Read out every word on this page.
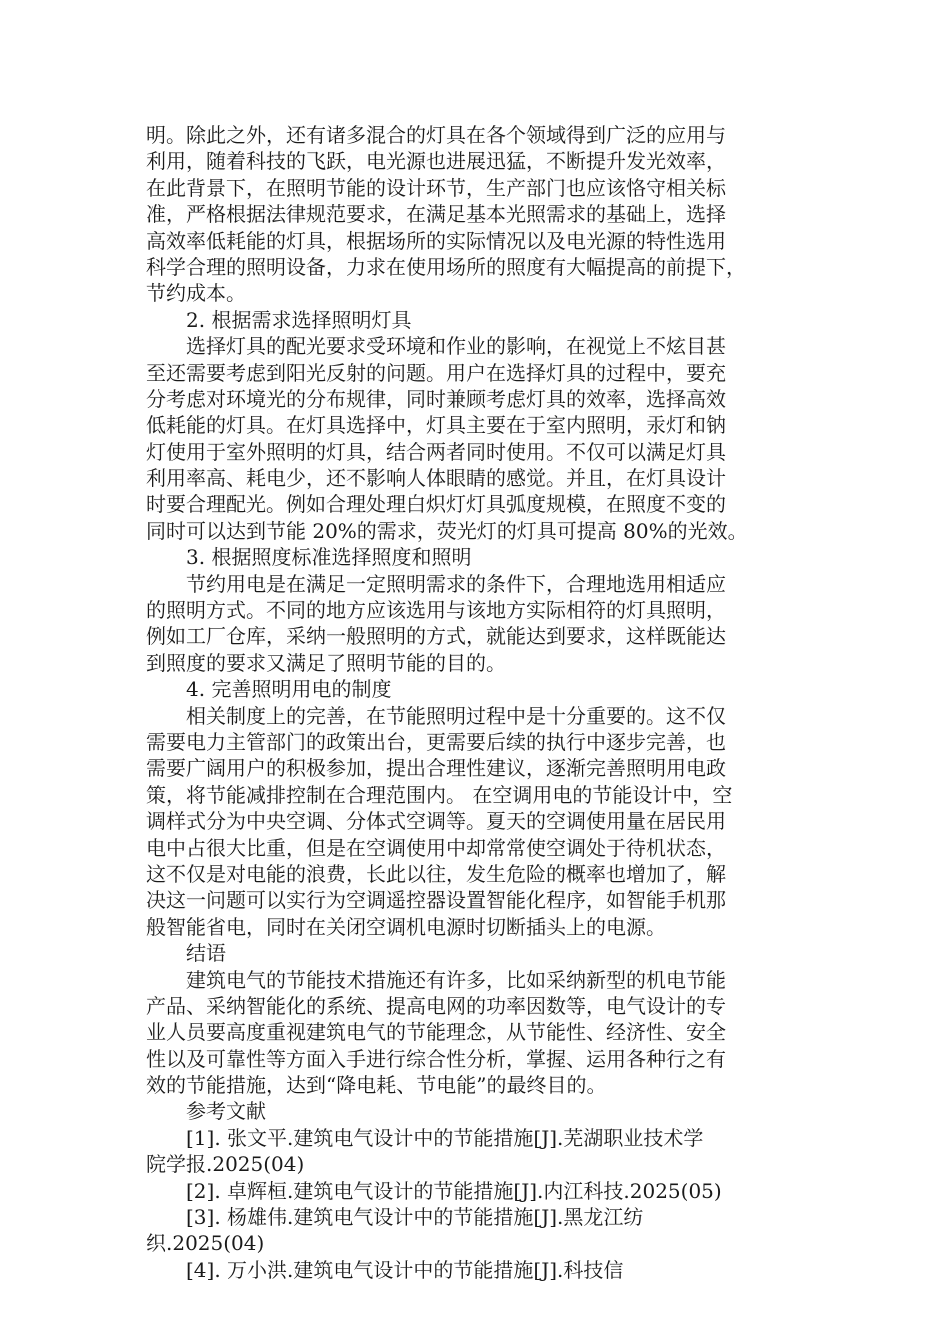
明。除此之外，还有诸多混合的灯具在各个领域得到广泛的应用与
利用，随着科技的飞跃，电光源也进展迅猛，不断提升发光效率，
在此背景下，在照明节能的设计环节，生产部门也应该恪守相关标
准，严格根据法律规范要求，在满足基本光照需求的基础上，选择
高效率低耗能的灯具，根据场所的实际情况以及电光源的特性选用
科学合理的照明设备，力求在使用场所的照度有大幅提高的前提下，
节约成本。
2. 根据需求选择照明灯具
选择灯具的配光要求受环境和作业的影响，在视觉上不炫目甚
至还需要考虑到阳光反射的问题。用户在选择灯具的过程中，要充
分考虑对环境光的分布规律，同时兼顾考虑灯具的效率，选择高效
低耗能的灯具。在灯具选择中，灯具主要在于室内照明，汞灯和钠
灯使用于室外照明的灯具，结合两者同时使用。不仅可以满足灯具
利用率高、耗电少，还不影响人体眼睛的感觉。并且，在灯具设计
时要合理配光。例如合理处理白炽灯灯具弧度规模，在照度不变的
同时可以达到节能 20%的需求，荧光灯的灯具可提高 80%的光效。
3. 根据照度标准选择照度和照明
节约用电是在满足一定照明需求的条件下，合理地选用相适应
的照明方式。不同的地方应该选用与该地方实际相符的灯具照明，
例如工厂仓库，采纳一般照明的方式，就能达到要求，这样既能达
到照度的要求又满足了照明节能的目的。
4. 完善照明用电的制度
相关制度上的完善，在节能照明过程中是十分重要的。这不仅
需要电力主管部门的政策出台，更需要后续的执行中逐步完善，也
需要广阔用户的积极参加，提出合理性建议，逐渐完善照明用电政
策，将节能减排控制在合理范围内。 在空调用电的节能设计中，空
调样式分为中央空调、分体式空调等。夏天的空调使用量在居民用
电中占很大比重，但是在空调使用中却常常使空调处于待机状态，
这不仅是对电能的浪费，长此以往，发生危险的概率也增加了，解
决这一问题可以实行为空调遥控器设置智能化程序，如智能手机那
般智能省电，同时在关闭空调机电源时切断插头上的电源。
结语
建筑电气的节能技术措施还有许多，比如采纳新型的机电节能
产品、采纳智能化的系统、提高电网的功率因数等，电气设计的专
业人员要高度重视建筑电气的节能理念，从节能性、经济性、安全
性以及可靠性等方面入手进行综合性分析，掌握、运用各种行之有
效的节能措施，达到“降电耗、节电能”的最终目的。
参考文献
[1]. 张文平.建筑电气设计中的节能措施[J].芜湖职业技术学
院学报.2025(04)
[2]. 卓辉桓.建筑电气设计的节能措施[J].内江科技.2025(05)
[3]. 杨雄伟.建筑电气设计中的节能措施[J].黑龙江纺
织.2025(04)
[4]. 万小洪.建筑电气设计中的节能措施[J].科技信
